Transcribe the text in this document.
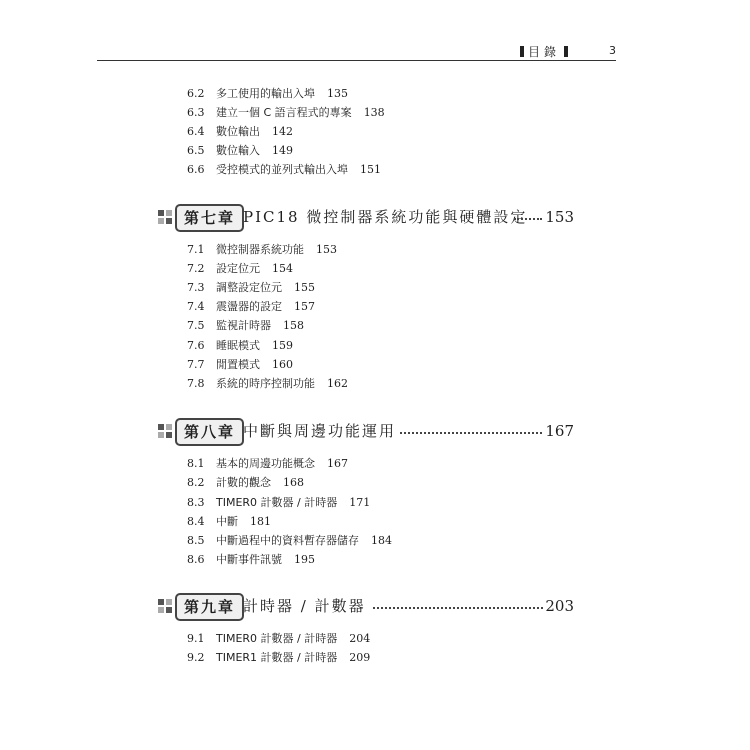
目錄	3
6.2 多工使用的輸出入埠 135
6.3 建立一個 C 語言程式的專案 138
6.4 數位輸出 142
6.5 數位輸入 149
6.6 受控模式的並列式輸出入埠 151
第七章 PIC18 微控制器系統功能與硬體設定 153
7.1 微控制器系統功能 153
7.2 設定位元 154
7.3 調整設定位元 155
7.4 震盪器的設定 157
7.5 監視計時器 158
7.6 睡眠模式 159
7.7 閒置模式 160
7.8 系統的時序控制功能 162
第八章 中斷與周邊功能運用	167
8.1 基本的周邊功能概念 167
8.2 計數的觀念 168
8.3 TIMER0 計數器 / 計時器 171
8.4 中斷 181
8.5 中斷過程中的資料暫存器儲存 184
8.6 中斷事件訊號 195
第九章 計時器 / 計數器	203
9.1 TIMER0 計數器 / 計時器 204
9.2 TIMER1 計數器 / 計時器 209
